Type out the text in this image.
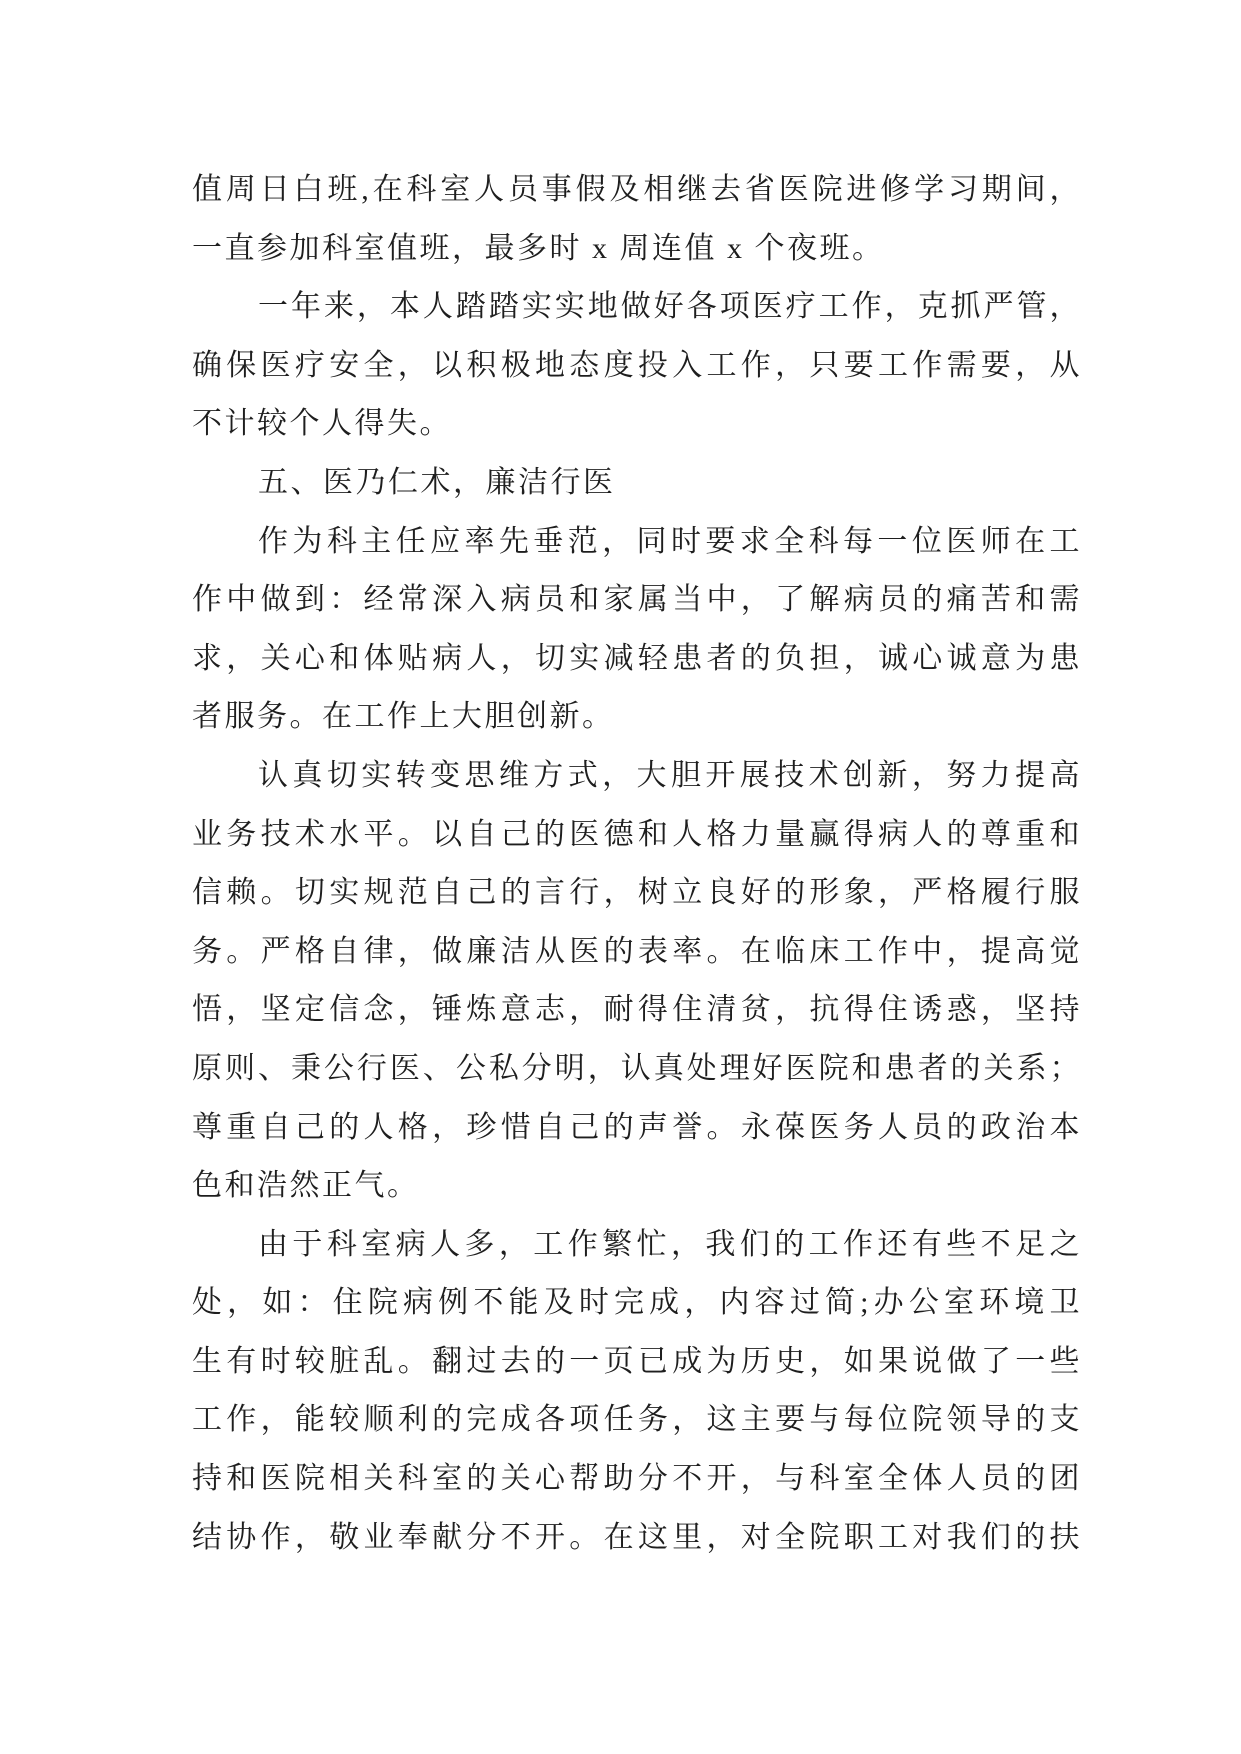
值周日白班,在科室人员事假及相继去省医院进修学习期间，
一直参加科室值班，最多时 x 周连值 x 个夜班。
一年来，本人踏踏实实地做好各项医疗工作，克抓严管，
确保医疗安全，以积极地态度投入工作，只要工作需要，从
不计较个人得失。
五、医乃仁术，廉洁行医
作为科主任应率先垂范，同时要求全科每一位医师在工
作中做到：经常深入病员和家属当中，了解病员的痛苦和需
求，关心和体贴病人，切实减轻患者的负担，诚心诚意为患
者服务。在工作上大胆创新。
认真切实转变思维方式，大胆开展技术创新，努力提高
业务技术水平。以自己的医德和人格力量赢得病人的尊重和
信赖。切实规范自己的言行，树立良好的形象，严格履行服
务。严格自律，做廉洁从医的表率。在临床工作中，提高觉
悟，坚定信念，锤炼意志，耐得住清贫，抗得住诱惑，坚持
原则、秉公行医、公私分明，认真处理好医院和患者的关系；
尊重自己的人格，珍惜自己的声誉。永葆医务人员的政治本
色和浩然正气。
由于科室病人多，工作繁忙，我们的工作还有些不足之
处，如：住院病例不能及时完成，内容过简;办公室环境卫
生有时较脏乱。翻过去的一页已成为历史，如果说做了一些
工作，能较顺利的完成各项任务，这主要与每位院领导的支
持和医院相关科室的关心帮助分不开，与科室全体人员的团
结协作，敬业奉献分不开。在这里，对全院职工对我们的扶
